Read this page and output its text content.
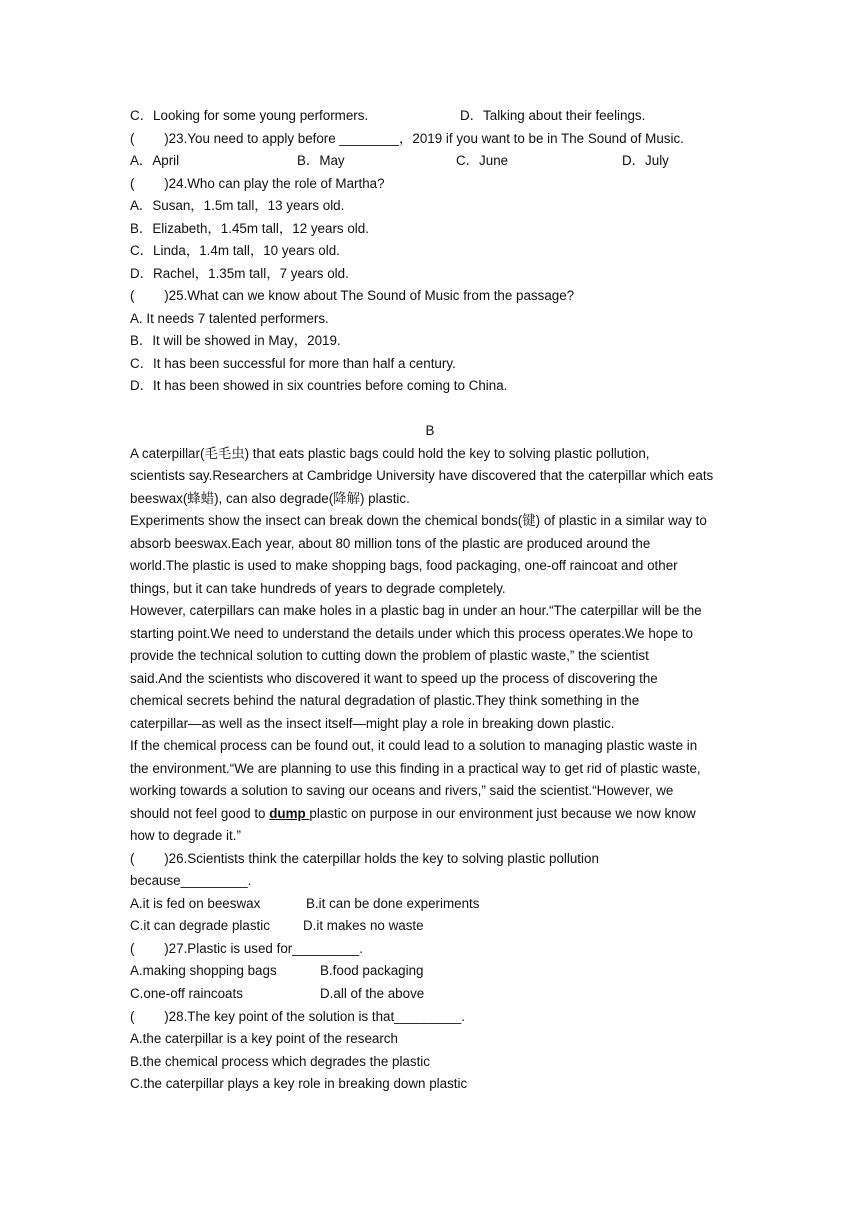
C．Looking for some young performers.	D．Talking about their feelings.
(        )23.You need to apply before ________，2019 if you want to be in The Sound of Music.
A．April	B．May	C．June	D．July
(        )24.Who can play the role of Martha?
A．Susan，1.5m tall，13 years old.
B．Elizabeth，1.45m tall，12 years old.
C．Linda，1.4m tall，10 years old.
D．Rachel，1.35m tall，7 years old.
(        )25.What can we know about The Sound of Music from the passage?
A. It needs 7 talented performers.
B．It will be showed in May，2019.
C．It has been successful for more than half a century.
D．It has been showed in six countries before coming to China.
B
A caterpillar(毛毛虫) that eats plastic bags could hold the key to solving plastic pollution,
scientists say.Researchers at Cambridge University have discovered that the caterpillar which eats
beeswax(蜂蜡), can also degrade(降解) plastic.
Experiments show the insect can break down the chemical bonds(键) of plastic in a similar way to
absorb beeswax.Each year, about 80 million tons of the plastic are produced around the
world.The plastic is used to make shopping bags, food packaging, one-off raincoat and other
things, but it can take hundreds of years to degrade completely.
However, caterpillars can make holes in a plastic bag in under an hour.“The caterpillar will be the
starting point.We need to understand the details under which this process operates.We hope to
provide the technical solution to cutting down the problem of plastic waste,” the scientist
said.And the scientists who discovered it want to speed up the process of discovering the
chemical secrets behind the natural degradation of plastic.They think something in the
caterpillar—as well as the insect itself—might play a role in breaking down plastic.
If the chemical process can be found out, it could lead to a solution to managing plastic waste in
the environment.“We are planning to use this finding in a practical way to get rid of plastic waste,
working towards a solution to saving our oceans and rivers,” said the scientist.“However, we
should not feel good to dump plastic on purpose in our environment just because we now know
how to degrade it.”
(        )26.Scientists think the caterpillar holds the key to solving plastic pollution
because_________.
A.it is fed on beeswax	B.it can be done experiments
C.it can degrade plastic D.it makes no waste
(        )27.Plastic is used for_________.
A.making shopping bags	B.food packaging
C.one-off raincoats	D.all of the above
(        )28.The key point of the solution is that_________.
A.the caterpillar is a key point of the research
B.the chemical process which degrades the plastic
C.the caterpillar plays a key role in breaking down plastic
